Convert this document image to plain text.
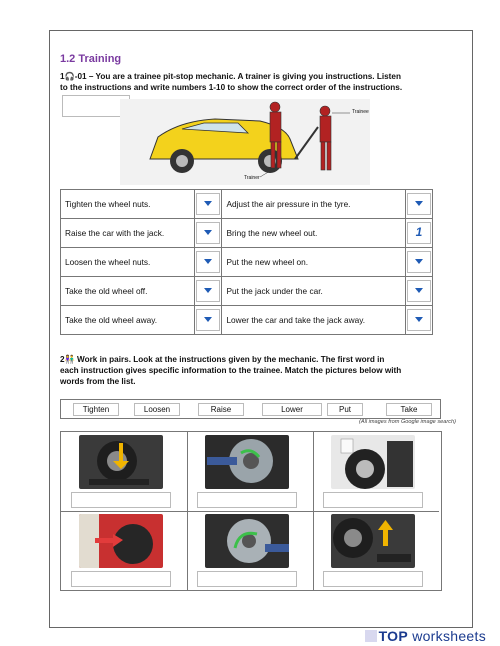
1.2 Training
1🎧-01 – You are a trainee pit-stop mechanic. A trainer is giving you instructions. Listen
to the instructions and write numbers 1-10 to show the correct order of the instructions.
Trainee
Trainer
Tighten the wheel nuts.		Adjust the air pressure in the tyre.	

Raise the car with the jack.		Bring the new wheel out.	1

Loosen the wheel nuts.		Put the new wheel on.	

Take the old wheel off.		Put the jack under the car.	

Take the old wheel away.		Lower the car and take the jack away.	
2👫 Work in pairs. Look at the instructions given by the mechanic. The first word in
each instruction gives specific information to the trainee. Match the pictures below with
words from the list.
Tighten	Loosen	Raise	Lower	Put	Take
(All images from Google image search)
TOP worksheets
